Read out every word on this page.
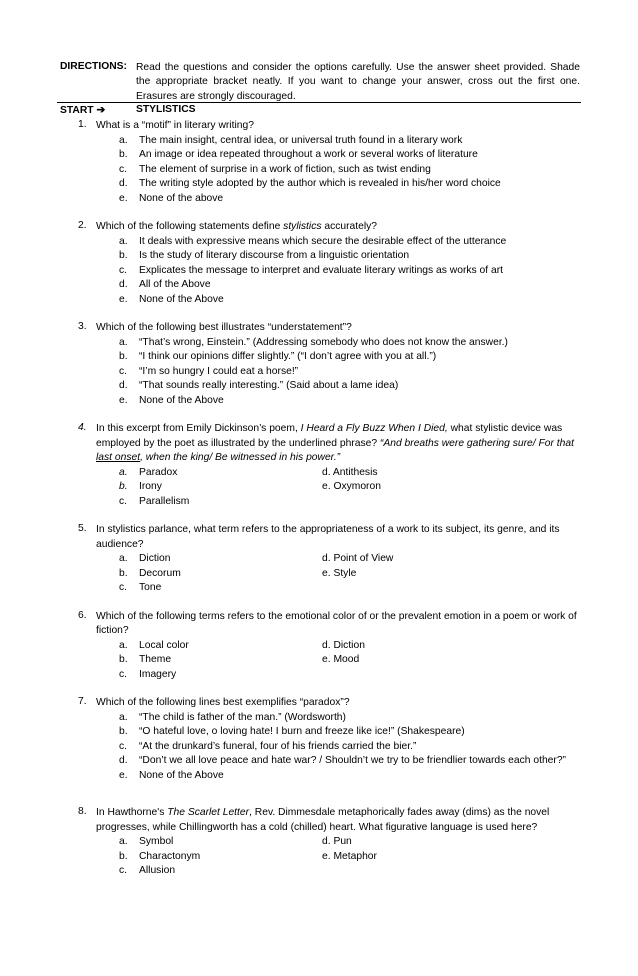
DIRECTIONS: Read the questions and consider the options carefully. Use the answer sheet provided. Shade the appropriate bracket neatly. If you want to change your answer, cross out the first one. Erasures are strongly discouraged.
START ➔	STYLISTICS
1. What is a “motif” in literary writing?
a. The main insight, central idea, or universal truth found in a literary work
b. An image or idea repeated throughout a work or several works of literature
c. The element of surprise in a work of fiction, such as twist ending
d. The writing style adopted by the author which is revealed in his/her word choice
e. None of the above
2. Which of the following statements define stylistics accurately?
a. It deals with expressive means which secure the desirable effect of the utterance
b. Is the study of literary discourse from a linguistic orientation
c. Explicates the message to interpret and evaluate literary writings as works of art
d. All of the Above
e. None of the Above
3. Which of the following best illustrates “understatement”?
a. “That’s wrong, Einstein.” (Addressing somebody who does not know the answer.)
b. “I think our opinions differ slightly.” (“I don’t agree with you at all.”)
c. “I’m so hungry I could eat a horse!”
d. “That sounds really interesting.” (Said about a lame idea)
e. None of the Above
4. In this excerpt from Emily Dickinson’s poem, I Heard a Fly Buzz When I Died, what stylistic device was employed by the poet as illustrated by the underlined phrase? “And breaths were gathering sure/ For that last onset, when the king/ Be witnessed in his power.”
a. Paradox	d. Antithesis
b. Irony	e. Oxymoron
c. Parallelism
5. In stylistics parlance, what term refers to the appropriateness of a work to its subject, its genre, and its audience?
a. Diction	d. Point of View
b. Decorum	e. Style
c. Tone
6. Which of the following terms refers to the emotional color of or the prevalent emotion in a poem or work of fiction?
a. Local color	d. Diction
b. Theme	e. Mood
c. Imagery
7. Which of the following lines best exemplifies “paradox”?
a. “The child is father of the man.” (Wordsworth)
b. “O hateful love, o loving hate! I burn and freeze like ice!” (Shakespeare)
c. “At the drunkard’s funeral, four of his friends carried the bier.”
d. “Don’t we all love peace and hate war? / Shouldn’t we try to be friendlier towards each other?”
e. None of the Above
8. In Hawthorne's The Scarlet Letter, Rev. Dimmesdale metaphorically fades away (dims) as the novel progresses, while Chillingworth has a cold (chilled) heart. What figurative language is used here?
a. Symbol	d. Pun
b. Charactonym	e. Metaphor
c. Allusion
